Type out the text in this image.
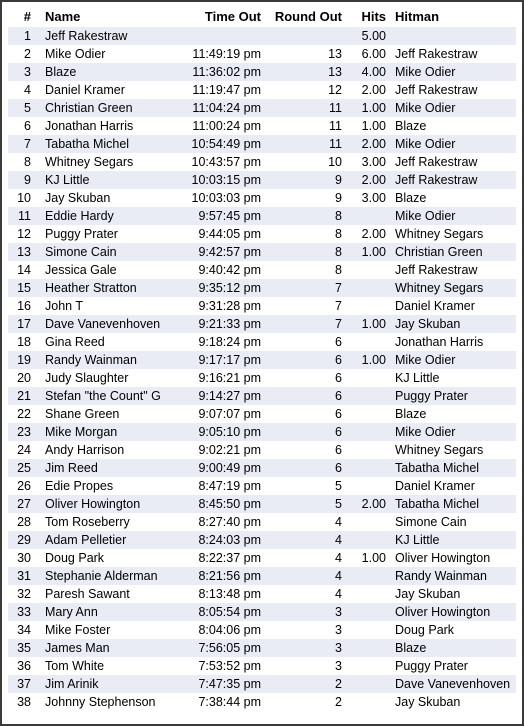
#	Name	Time Out	Round Out	Hits	Hitman
1	Jeff Rakestraw			5.00	
2	Mike Odier	11:49:19 pm	13	6.00	Jeff Rakestraw
3	Blaze	11:36:02 pm	13	4.00	Mike Odier
4	Daniel Kramer	11:19:47 pm	12	2.00	Jeff Rakestraw
5	Christian Green	11:04:24 pm	11	1.00	Mike Odier
6	Jonathan Harris	11:00:24 pm	11	1.00	Blaze
7	Tabatha Michel	10:54:49 pm	11	2.00	Mike Odier
8	Whitney Segars	10:43:57 pm	10	3.00	Jeff Rakestraw
9	KJ Little	10:03:15 pm	9	2.00	Jeff Rakestraw
10	Jay Skuban	10:03:03 pm	9	3.00	Blaze
11	Eddie Hardy	9:57:45 pm	8		Mike Odier
12	Puggy Prater	9:44:05 pm	8	2.00	Whitney Segars
13	Simone Cain	9:42:57 pm	8	1.00	Christian Green
14	Jessica Gale	9:40:42 pm	8		Jeff Rakestraw
15	Heather Stratton	9:35:12 pm	7		Whitney Segars
16	John T	9:31:28 pm	7		Daniel Kramer
17	Dave Vanevenhoven	9:21:33 pm	7	1.00	Jay Skuban
18	Gina Reed	9:18:24 pm	6		Jonathan Harris
19	Randy Wainman	9:17:17 pm	6	1.00	Mike Odier
20	Judy Slaughter	9:16:21 pm	6		KJ Little
21	Stefan "the Count" G	9:14:27 pm	6		Puggy Prater
22	Shane Green	9:07:07 pm	6		Blaze
23	Mike Morgan	9:05:10 pm	6		Mike Odier
24	Andy Harrison	9:02:21 pm	6		Whitney Segars
25	Jim Reed	9:00:49 pm	6		Tabatha Michel
26	Edie Propes	8:47:19 pm	5		Daniel Kramer
27	Oliver Howington	8:45:50 pm	5	2.00	Tabatha Michel
28	Tom Roseberry	8:27:40 pm	4		Simone Cain
29	Adam Pelletier	8:24:03 pm	4		KJ Little
30	Doug Park	8:22:37 pm	4	1.00	Oliver Howington
31	Stephanie Alderman	8:21:56 pm	4		Randy Wainman
32	Paresh Sawant	8:13:48 pm	4		Jay Skuban
33	Mary Ann	8:05:54 pm	3		Oliver Howington
34	Mike Foster	8:04:06 pm	3		Doug Park
35	James Man	7:56:05 pm	3		Blaze
36	Tom White	7:53:52 pm	3		Puggy Prater
37	Jim Arinik	7:47:35 pm	2		Dave Vanevenhoven
38	Johnny Stephenson	7:38:44 pm	2		Jay Skuban
